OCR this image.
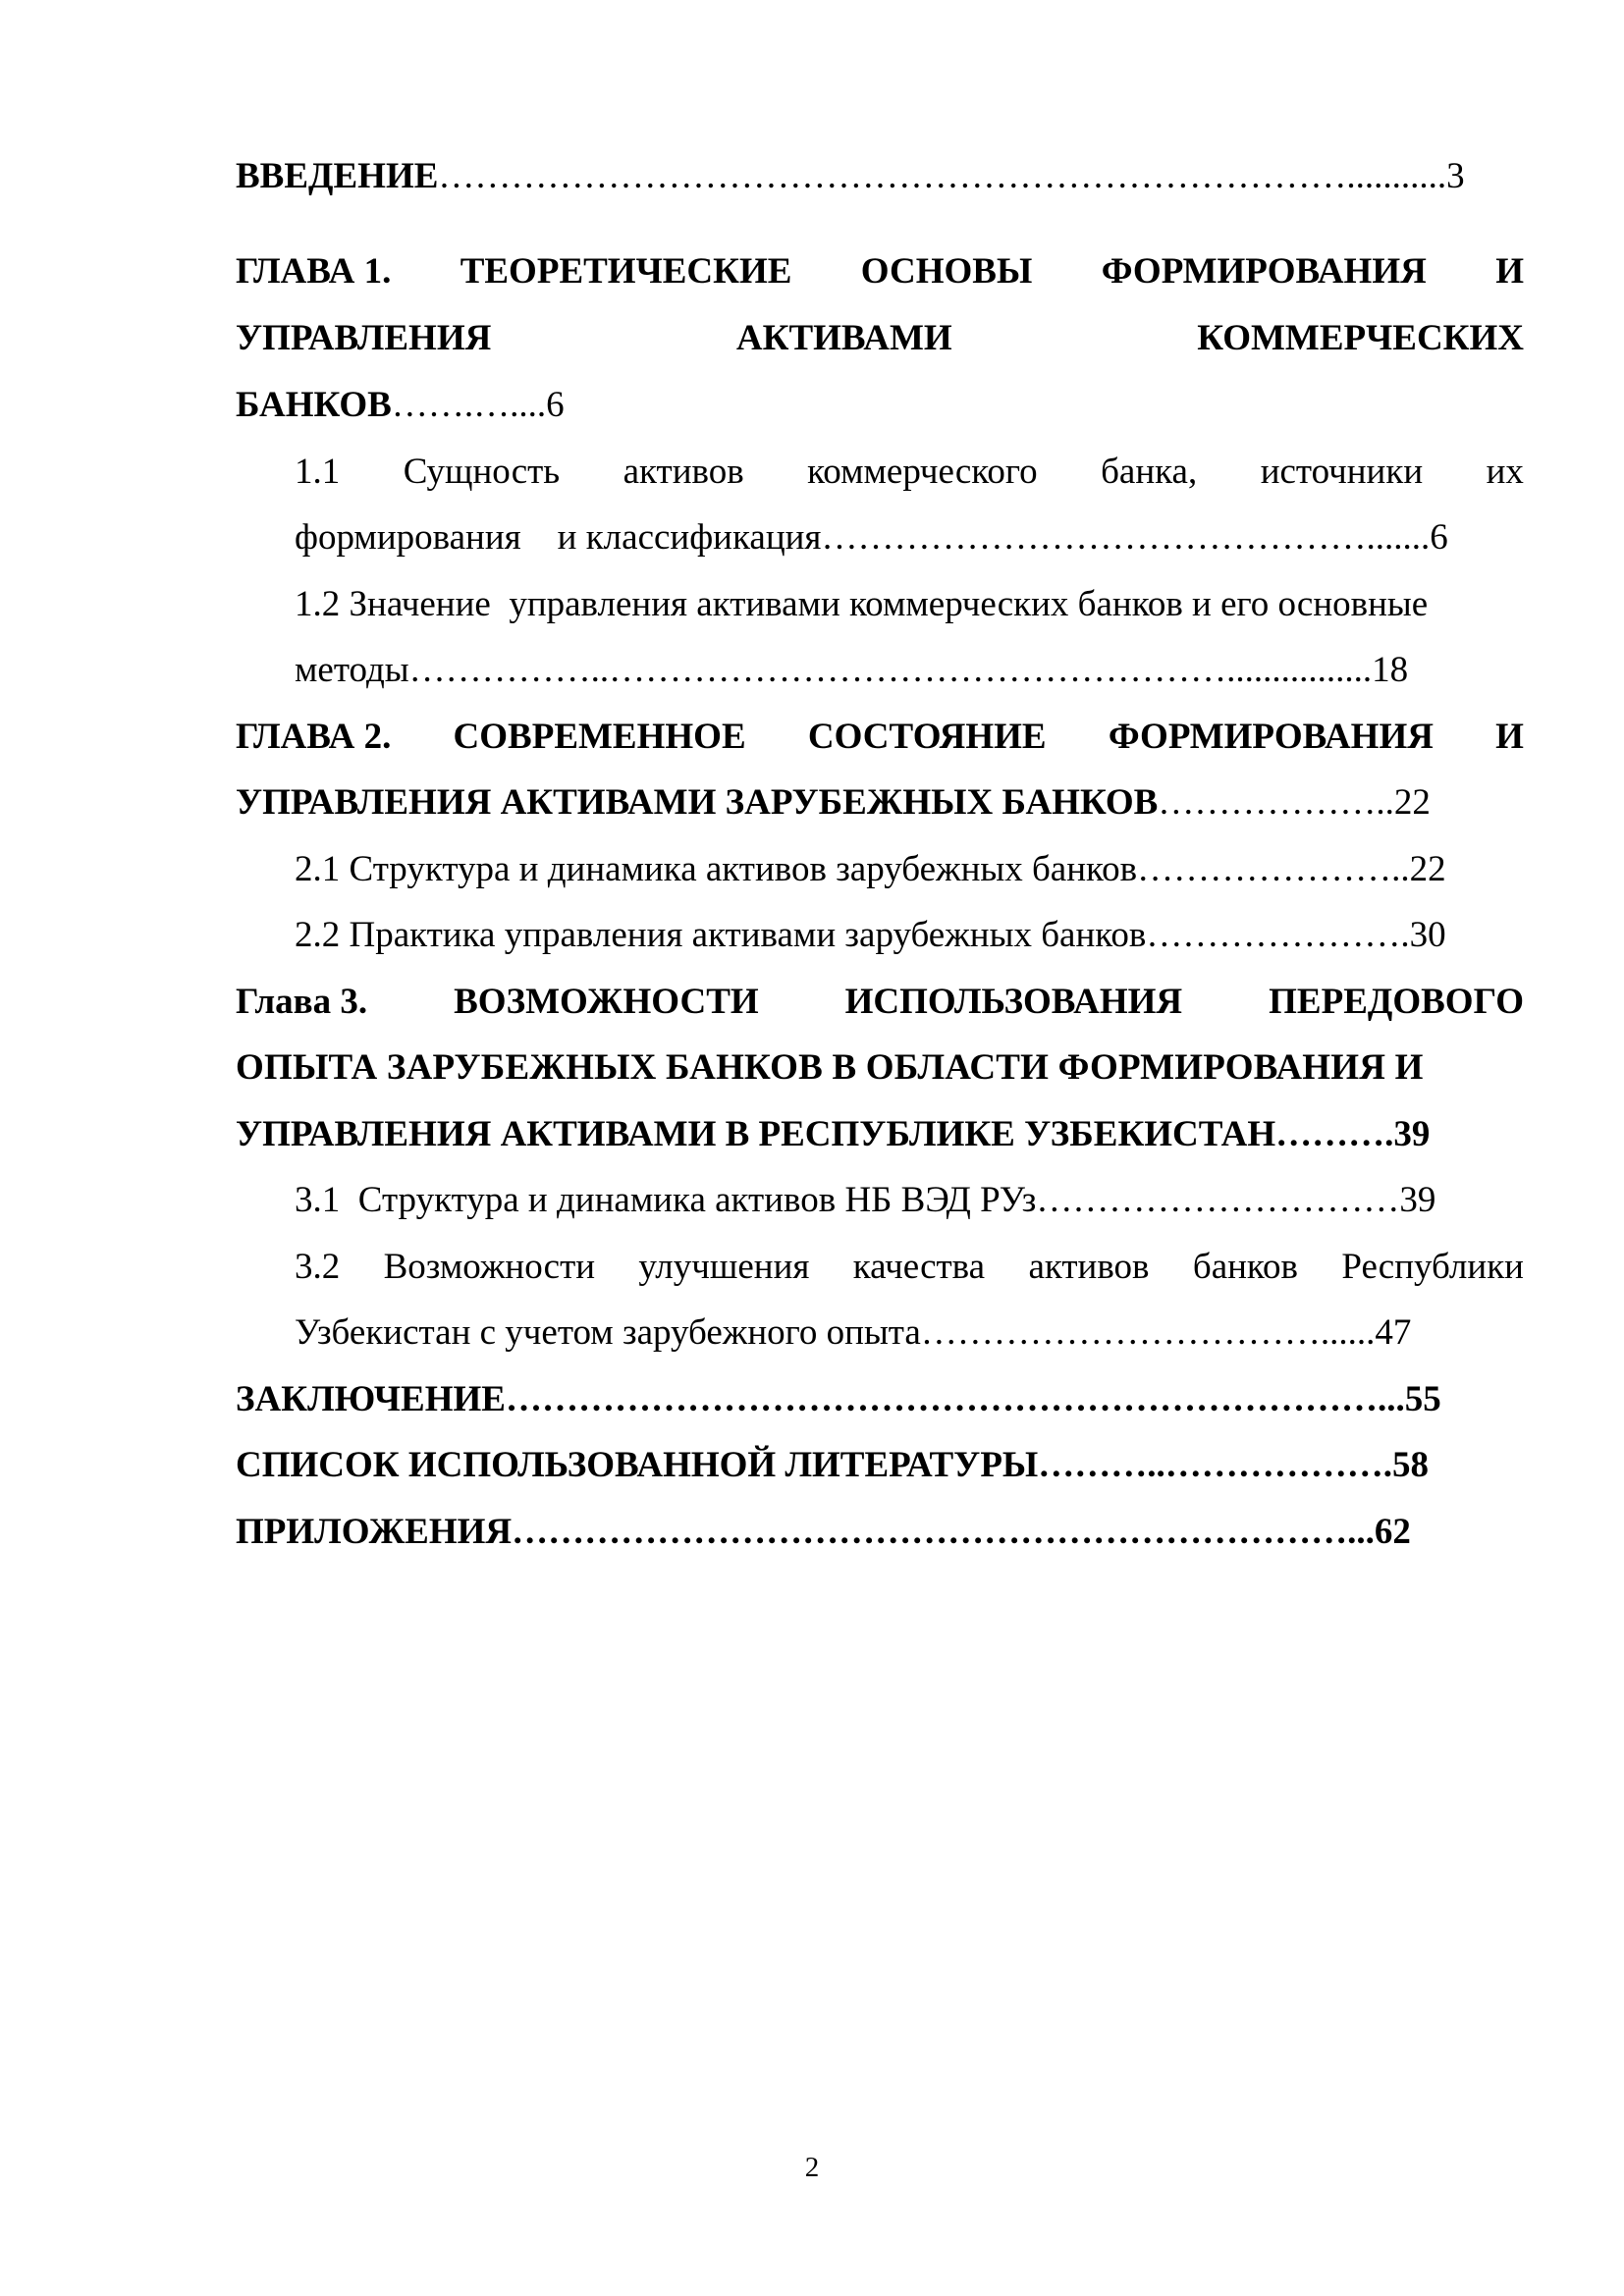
ВВЕДЕНИЕ…………………………………………………………………...........3
ГЛАВА 1. ТЕОРЕТИЧЕСКИЕ ОСНОВЫ ФОРМИРОВАНИЯ И
УПРАВЛЕНИЯ	АКТИВАМИ	КОММЕРЧЕСКИХ
БАНКОВ…….…....6
1.1 Сущность активов коммерческого банка, источники их
формирования    и классификация……………………………………….......6
1.2 Значение  управления активами коммерческих банков и его основные
методы……………..……………………………………………................18
ГЛАВА 2. СОВРЕМЕННОЕ СОСТОЯНИЕ ФОРМИРОВАНИЯ И
УПРАВЛЕНИЯ АКТИВАМИ ЗАРУБЕЖНЫХ БАНКОВ………………..22
2.1 Структура и динамика активов зарубежных банков…………………..22
2.2 Практика управления активами зарубежных банков………………….30
Глава 3. ВОЗМОЖНОСТИ ИСПОЛЬЗОВАНИЯ ПЕРЕДОВОГО
ОПЫТА ЗАРУБЕЖНЫХ БАНКОВ В ОБЛАСТИ ФОРМИРОВАНИЯ И
УПРАВЛЕНИЯ АКТИВАМИ В РЕСПУБЛИКЕ УЗБЕКИСТАН……….39
3.1  Структура и динамика активов НБ ВЭД РУз…………………………39
3.2 Возможности улучшения качества активов банков Республики
Узбекистан с учетом зарубежного опыта……………………………......47
ЗАКЛЮЧЕНИЕ………………………………………………………………...55
СПИСОК ИСПОЛЬЗОВАННОЙ ЛИТЕРАТУРЫ………..……………….58
ПРИЛОЖЕНИЯ……………………………………………………………...62
2
